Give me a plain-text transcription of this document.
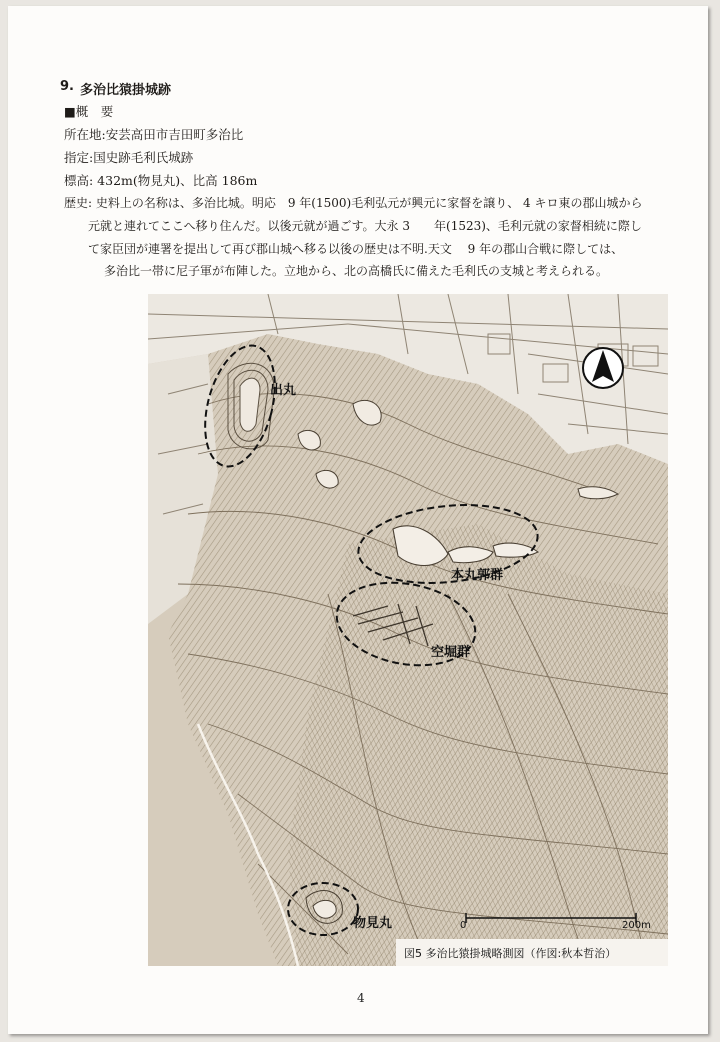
9. 多治比猿掛城跡
■概　要
所在地:安芸高田市吉田町多治比
指定:国史跡毛利氏城跡
標高: 432m(物見丸)、比高 186m
歴史: 史料上の名称は、多治比城。明応　9 年(1500)毛利弘元が興元に家督を譲り、 4 キロ東の郡山城から
元就と連れてここへ移り住んだ。以後元就が過ごす。大永 3　　年(1523)、毛利元就の家督相続に際し
て家臣団が連署を提出して再び郡山城へ移る以後の歴史は不明.天文　 9 年の郡山合戦に際しては、
多治比一帯に尼子軍が布陣した。立地から、北の高橋氏に備えた毛利氏の支城と考えられる。
出丸
本丸郭群
空堀群
物見丸	0	200m
図5 多治比猿掛城略測図（作図:秋本哲治）
4
